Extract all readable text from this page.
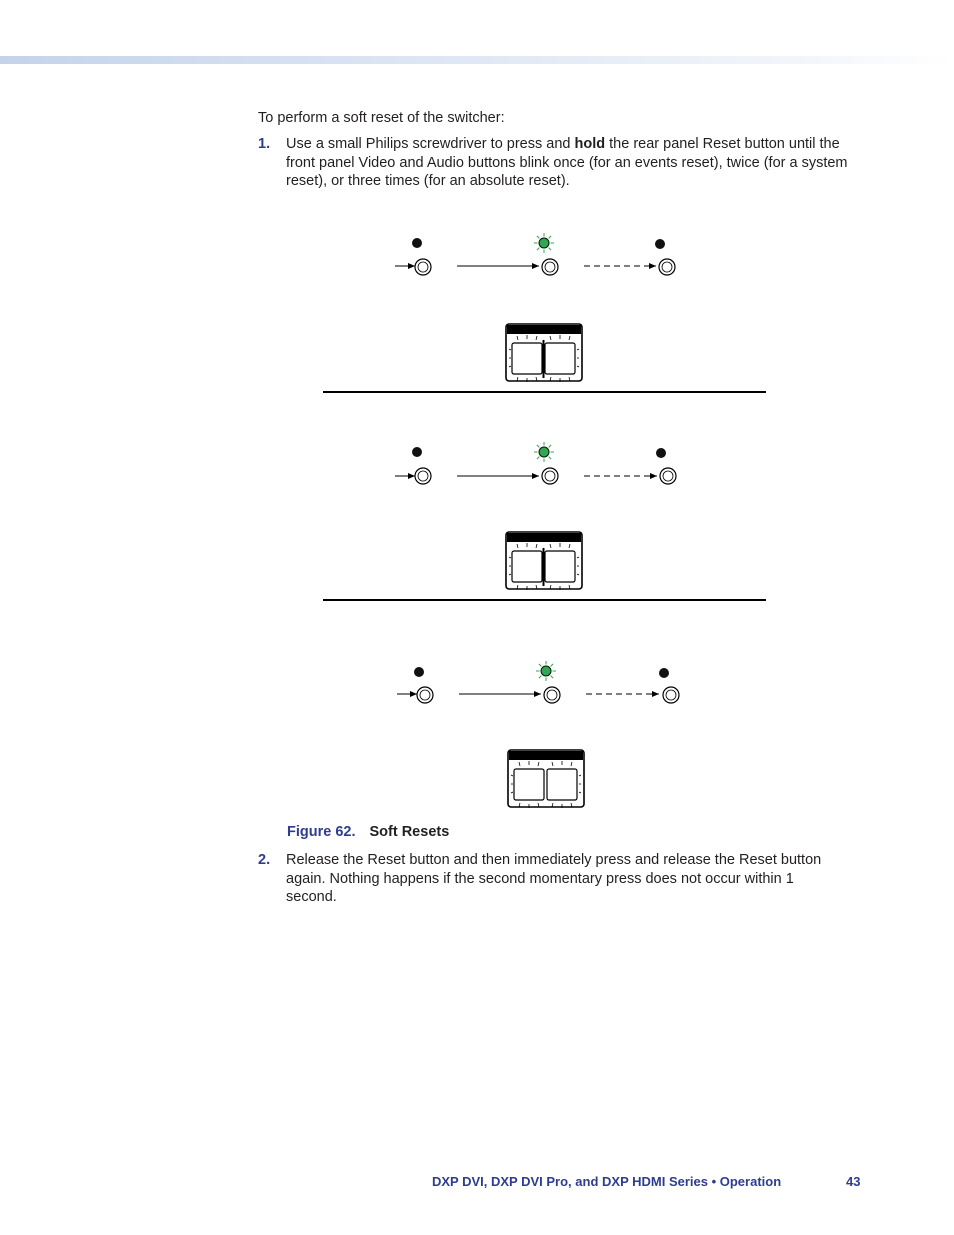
To perform a soft reset of the switcher:
1. Use a small Philips screwdriver to press and hold the rear panel Reset button until the front panel Video and Audio buttons blink once (for an events reset), twice (for a system reset), or three times (for an absolute reset).
Figure 62. Soft Resets
2. Release the Reset button and then immediately press and release the Reset button again. Nothing happens if the second momentary press does not occur within 1 second.
DXP DVI, DXP DVI Pro, and DXP HDMI Series • Operation	43
